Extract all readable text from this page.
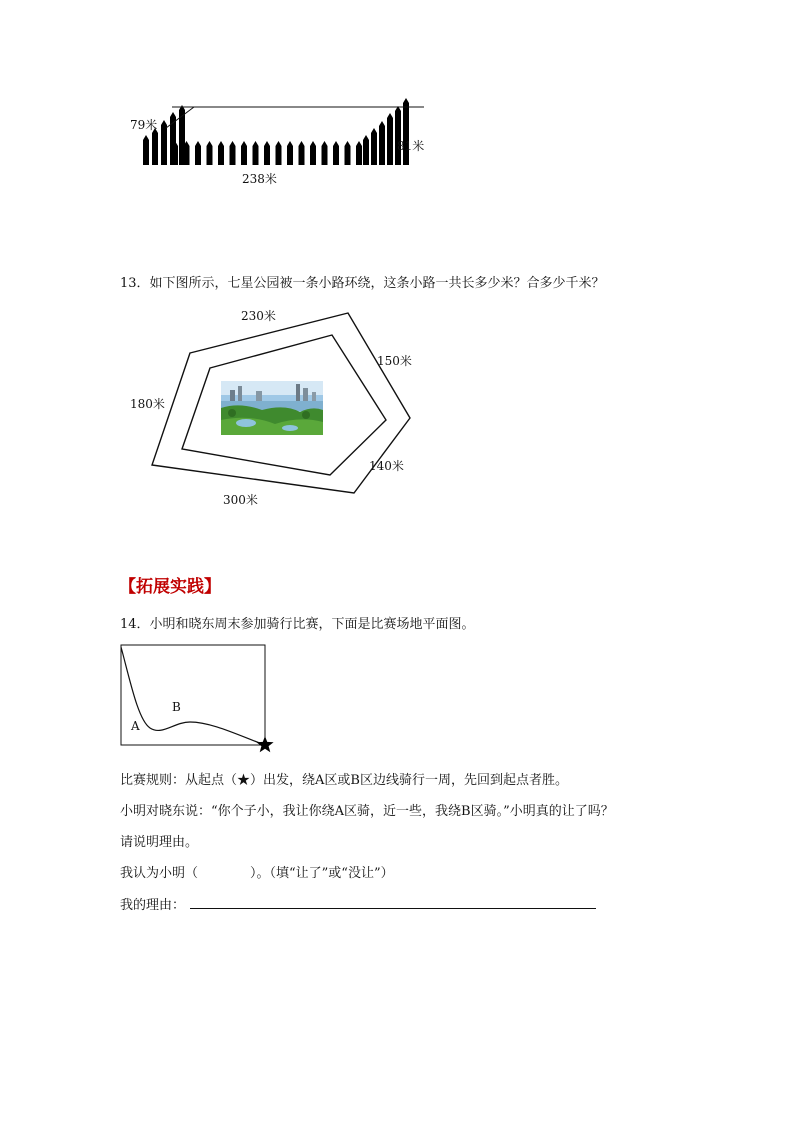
79米
81米
238米
13．如下图所示，七星公园被一条小路环绕，这条小路一共长多少米？合多少千米？
230米
150米
180米
140米
300米
【拓展实践】
14．小明和晓东周末参加骑行比赛，下面是比赛场地平面图。
A
B
比赛规则：从起点（★）出发，绕A区或B区边线骑行一周，先回到起点者胜。
小明对晓东说：“你个子小，我让你绕A区骑，近一些，我绕B区骑。”小明真的让了吗？
请说明理由。
我认为小明（　　　　）。（填“让了”或“没让”）
我的理由：
